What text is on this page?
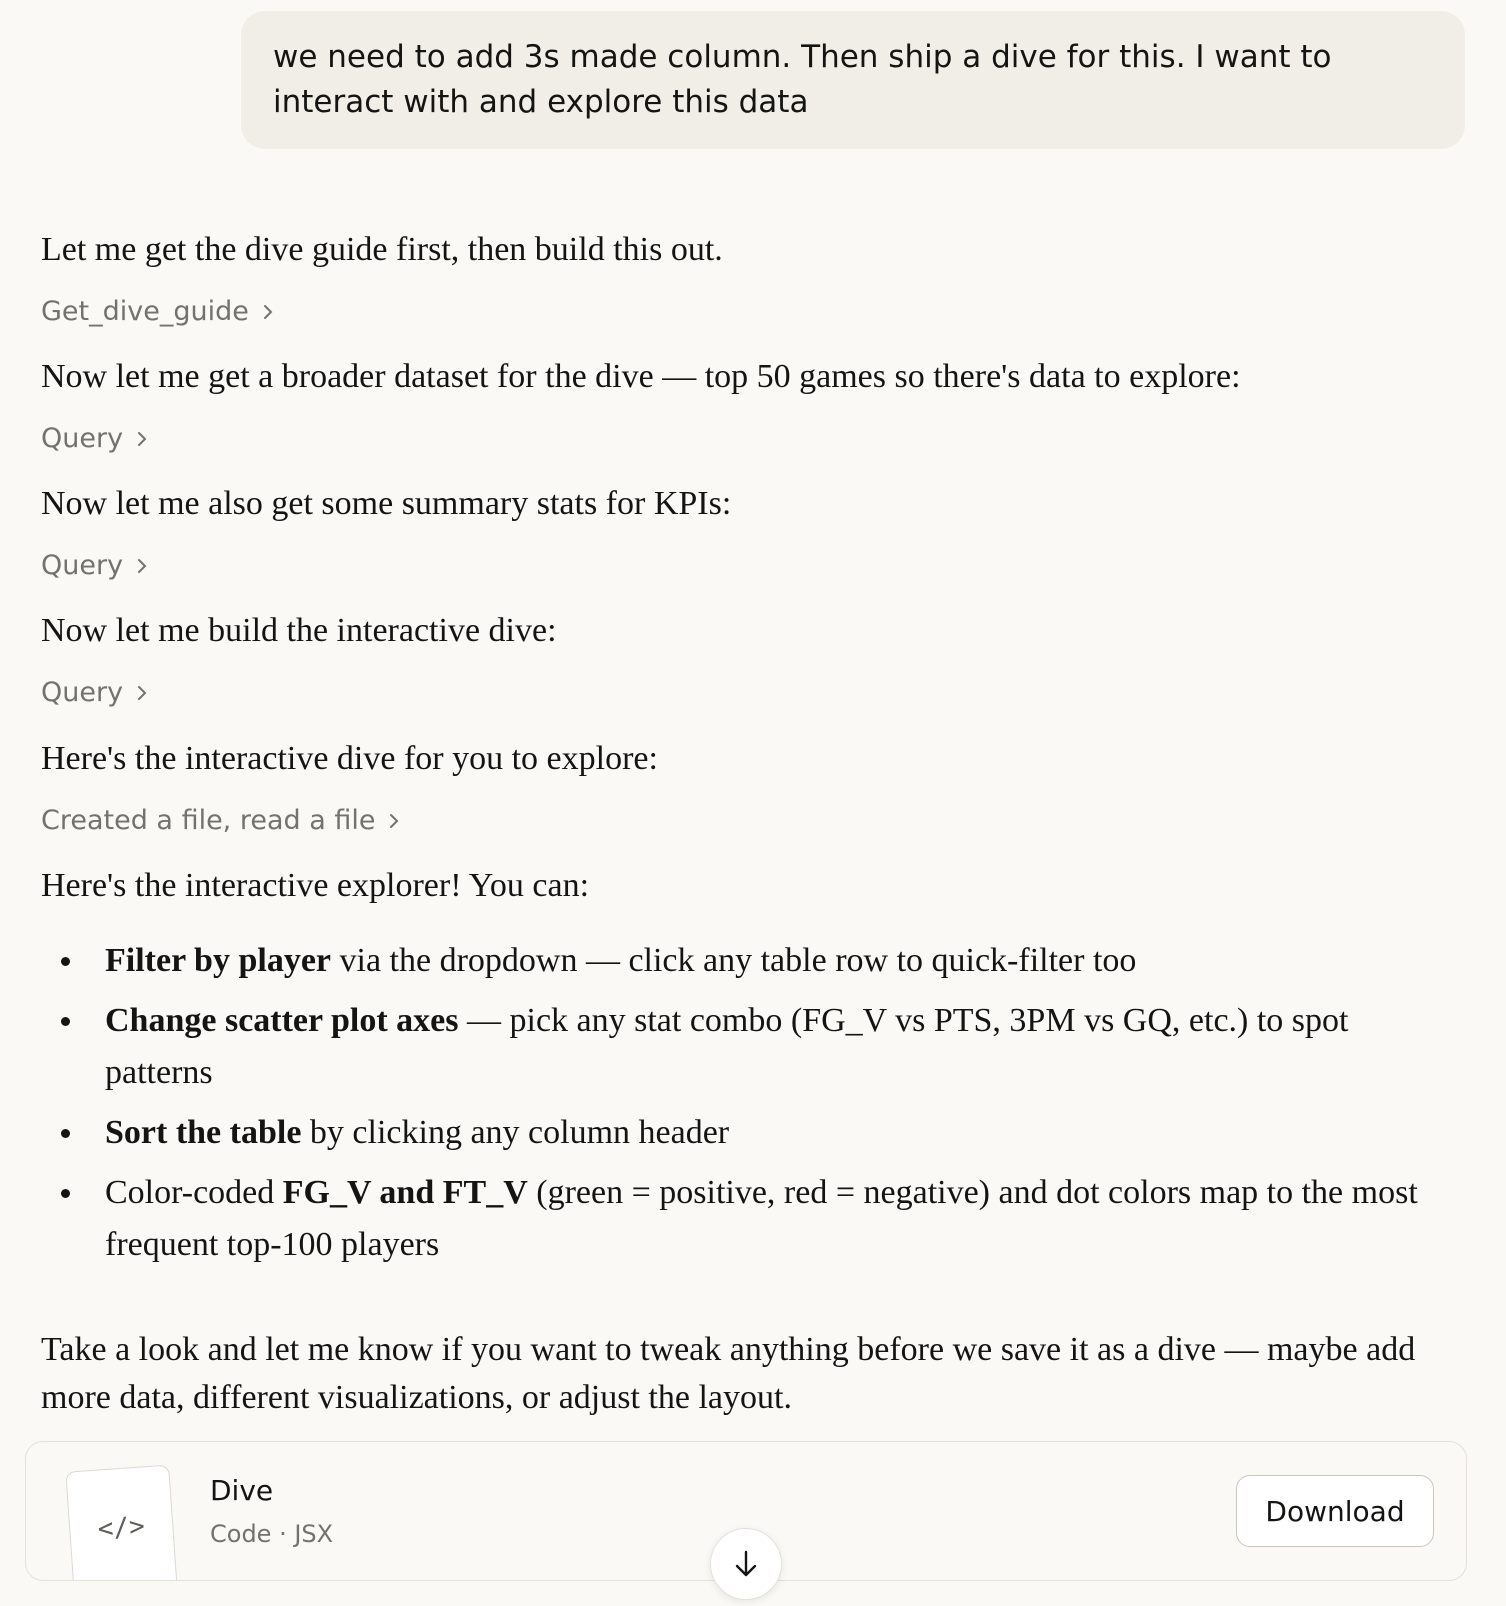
we need to add 3s made column. Then ship a dive for this. I want to interact with and explore this data
Let me get the dive guide first, then build this out.
Get_dive_guide
Now let me get a broader dataset for the dive — top 50 games so there's data to explore:
Query
Now let me also get some summary stats for KPIs:
Query
Now let me build the interactive dive:
Query
Here's the interactive dive for you to explore:
Created a file, read a file
Here's the interactive explorer! You can:
Filter by player via the dropdown — click any table row to quick-filter too
Change scatter plot axes — pick any stat combo (FG_V vs PTS, 3PM vs GQ, etc.) to spot patterns
Sort the table by clicking any column header
Color-coded FG_V and FT_V (green = positive, red = negative) and dot colors map to the most frequent top-100 players
Take a look and let me know if you want to tweak anything before we save it as a dive — maybe add more data, different visualizations, or adjust the layout.
</>
Dive
Code · JSX
Download
